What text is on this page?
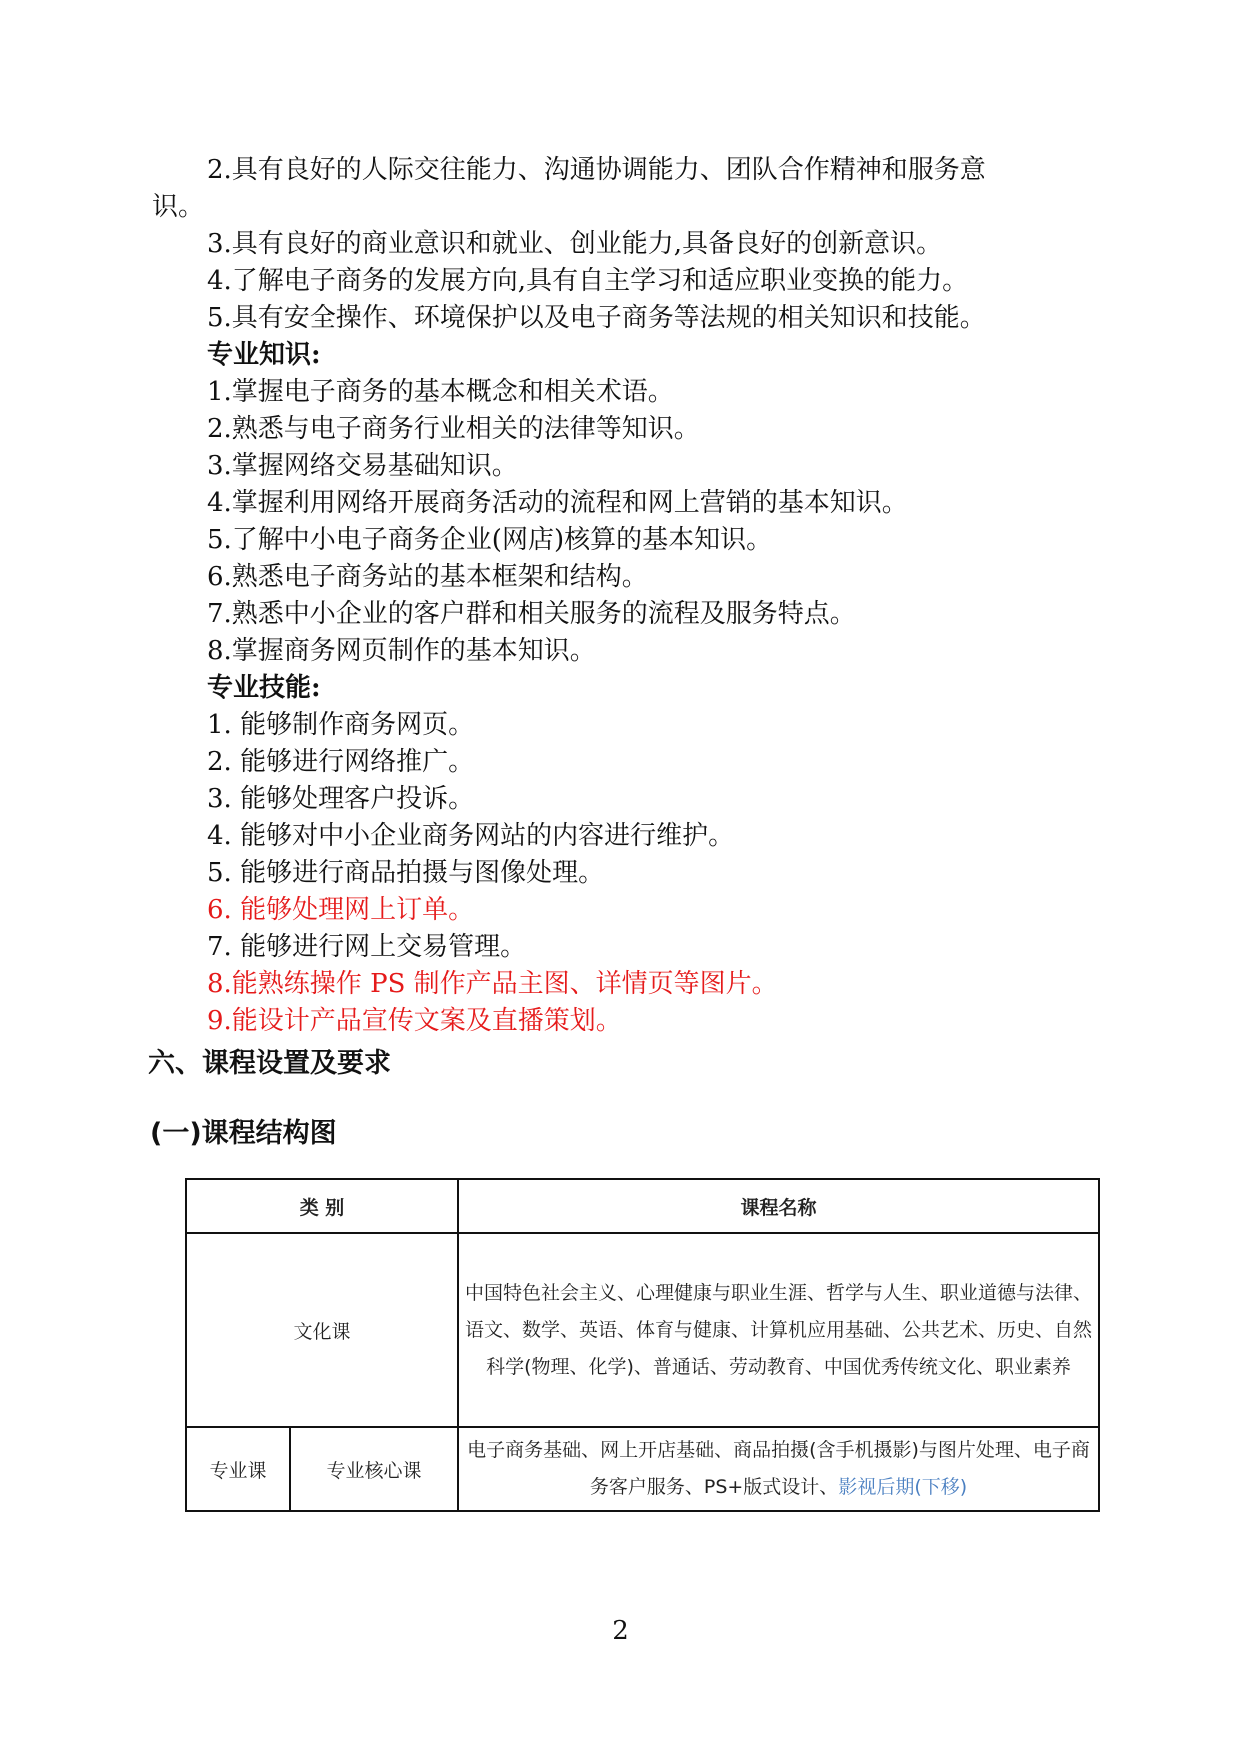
2.具有良好的人际交往能力、沟通协调能力、团队合作精神和服务意
识。
3.具有良好的商业意识和就业、创业能力,具备良好的创新意识。
4.了解电子商务的发展方向,具有自主学习和适应职业变换的能力。
5.具有安全操作、环境保护以及电子商务等法规的相关知识和技能。
专业知识:
1.掌握电子商务的基本概念和相关术语。
2.熟悉与电子商务行业相关的法律等知识。
3.掌握网络交易基础知识。
4.掌握利用网络开展商务活动的流程和网上营销的基本知识。
5.了解中小电子商务企业(网店)核算的基本知识。
6.熟悉电子商务站的基本框架和结构。
7.熟悉中小企业的客户群和相关服务的流程及服务特点。
8.掌握商务网页制作的基本知识。
专业技能:
1. 能够制作商务网页。
2. 能够进行网络推广。
3. 能够处理客户投诉。
4. 能够对中小企业商务网站的内容进行维护。
5. 能够进行商品拍摄与图像处理。
6. 能够处理网上订单。
7. 能够进行网上交易管理。
8.能熟练操作 PS 制作产品主图、详情页等图片。
9.能设计产品宣传文案及直播策划。
六、课程设置及要求
(一)课程结构图
类 别		课程名称
文化课		中国特色社会主义、心理健康与职业生涯、哲学与人生、职业道德与法律、语文、数学、英语、体育与健康、计算机应用基础、公共艺术、历史、自然科学(物理、化学)、普通话、劳动教育、中国优秀传统文化、职业素养
专业课	专业核心课	电子商务基础、网上开店基础、商品拍摄(含手机摄影)与图片处理、电子商务客户服务、PS+版式设计、影视后期(下移)
2
